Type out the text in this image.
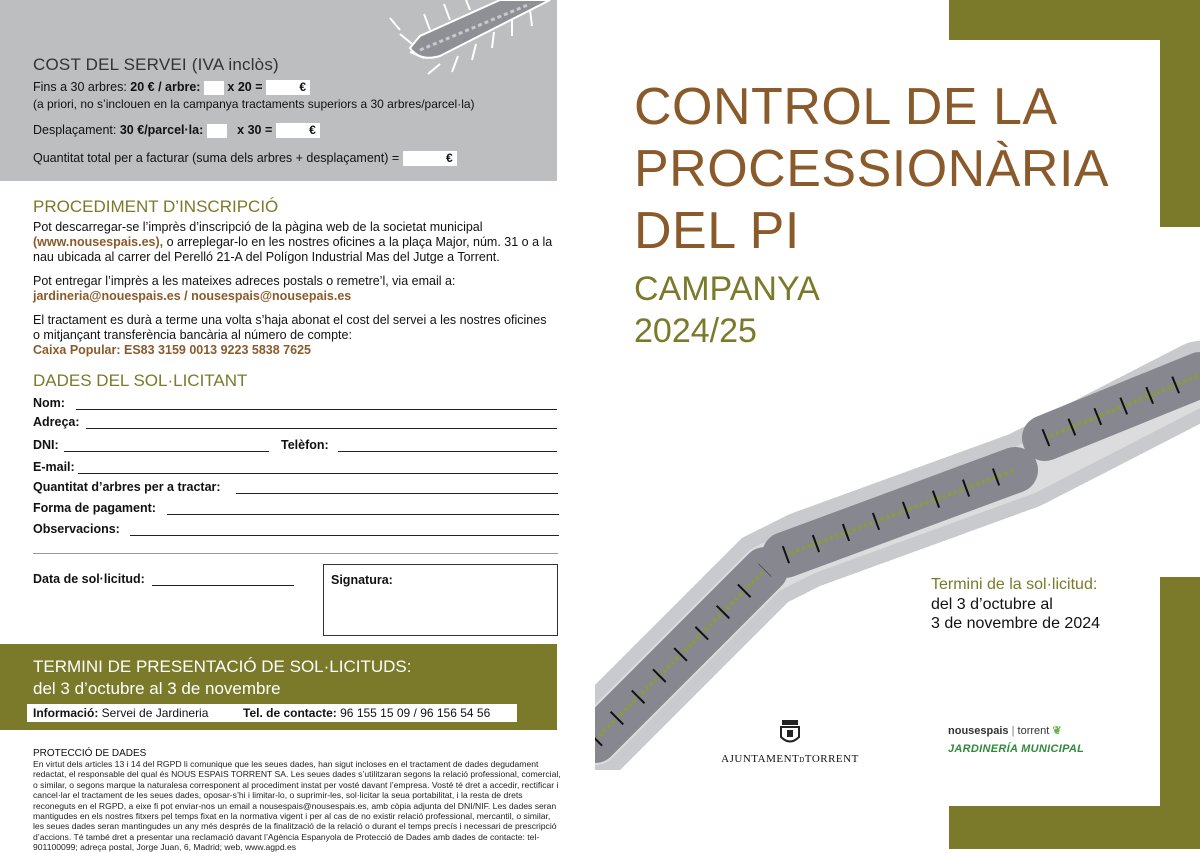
COST DEL SERVEI (IVA inclòs)
Fins a 30 arbres: 20 € / arbre: x 20 =	€
(a priori, no s’inclouen en la campanya tractaments superiors a 30 arbres/parcel·la)
Desplaçament: 30 €/parcel·la:	x 30 =	€
Quantitat total per a facturar (suma dels arbres + desplaçament) =	€
PROCEDIMENT D’INSCRIPCIÓ
Pot descarregar-se l’imprès d’inscripció de la pàgina web de la societat municipal
(www.nousespais.es), o arreplegar-lo en les nostres oficines a la plaça Major, núm. 31 o a la
nau ubicada al carrer del Perelló 21-A del Polígon Industrial Mas del Jutge a Torrent.
Pot entregar l’imprès a les mateixes adreces postals o remetre’l, via email a:
jardineria@nouespais.es / nousespais@nousepais.es
El tractament es durà a terme una volta s’haja abonat el cost del servei a les nostres oficines
o mitjançant transferència bancària al número de compte:
Caixa Popular: ES83 3159 0013 9223 5838 7625
DADES DEL SOL·LICITANT
Nom:
Adreça:
DNI:	Telèfon:
E-mail:
Quantitat d’arbres per a tractar:
Forma de pagament:
Observacions:
Data de sol·licitud:	Signatura:
TERMINI DE PRESENTACIÓ DE SOL·LICITUDS:
del 3 d’octubre al 3 de novembre
Informació: Servei de Jardineria	Tel. de contacte: 96 155 15 09 / 96 156 54 56
PROTECCIÓ DE DADES
En virtut dels articles 13 i 14 del RGPD li comunique que les seues dades, han sigut incloses en el tractament de dades degudament redactat, el responsable del qual és NOUS ESPAIS TORRENT SA. Les seues dades s’utilitzaran segons la relació professional, comercial, o similar, o segons marque la naturalesa corresponent al procediment instat per vosté davant l’empresa. Vosté té dret a accedir, rectificar i cancel·lar el tractament de les seues dades, oposar-s’hi i limitar-lo, o suprimir-les, sol·licitar la seua portabilitat, i la resta de drets reconeguts en el RGPD, a eixe fi pot enviar-nos un email a nousespais@nousespais.es, amb còpia adjunta del DNI/NIF. Les dades seran mantigudes en els nostres fitxers pel temps fixat en la normativa vigent i per al cas de no existir relació professional, mercantil, o similar, les seues dades seran mantingudes un any més després de la finalització de la relació o durant el temps precís i necessari de prescripció d’accions. Té també dret a presentar una reclamació davant l’Agència Espanyola de Protecció de Dades amb dades de contacte: tel-901100099; adreça postal, Jorge Juan, 6, Madrid; web, www.agpd.es
CONTROL DE LA
PROCESSIONÀRIA
DEL PI
CAMPANYA
2024/25
Termini de la sol·licitud:
del 3 d’octubre al
3 de novembre de 2024
AJUNTAMENTDTORRENT
nousespais | torrent ❦
JARDINERÍA MUNICIPAL
